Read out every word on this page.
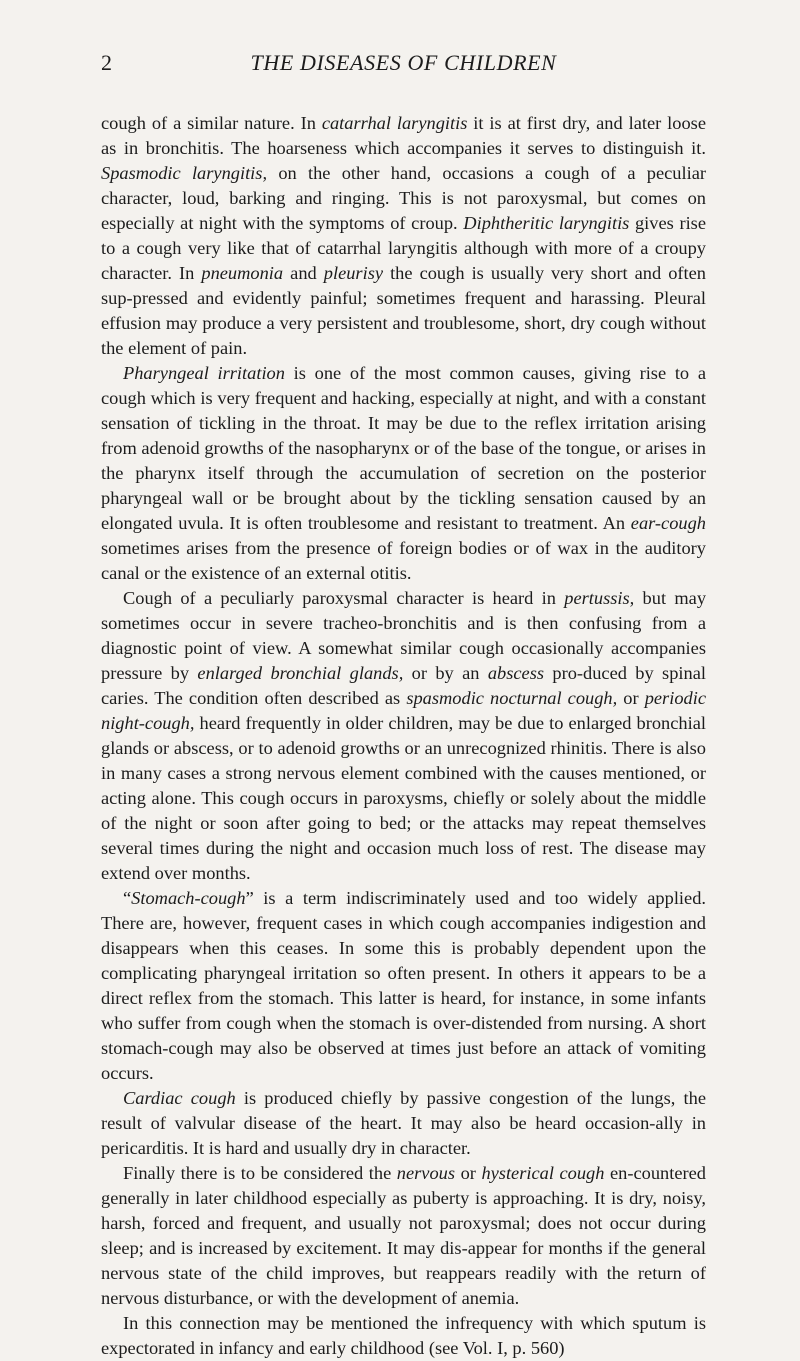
2	THE DISEASES OF CHILDREN

cough of a similar nature. In catarrhal laryngitis it is at first dry, and later loose as in bronchitis. The hoarseness which accompanies it serves to distinguish it. Spasmodic laryngitis, on the other hand, occasions a cough of a peculiar character, loud, barking and ringing. This is not paroxysmal, but comes on especially at night with the symptoms of croup. Diphtheritic laryngitis gives rise to a cough very like that of catarrhal laryngitis although with more of a croupy character. In pneumonia and pleurisy the cough is usually very short and often sup-pressed and evidently painful; sometimes frequent and harassing. Pleural effusion may produce a very persistent and troublesome, short, dry cough without the element of pain.

Pharyngeal irritation is one of the most common causes, giving rise to a cough which is very frequent and hacking, especially at night, and with a constant sensation of tickling in the throat. It may be due to the reflex irritation arising from adenoid growths of the nasopharynx or of the base of the tongue, or arises in the pharynx itself through the accumulation of secretion on the posterior pharyngeal wall or be brought about by the tickling sensation caused by an elongated uvula. It is often troublesome and resistant to treatment. An ear-cough sometimes arises from the presence of foreign bodies or of wax in the auditory canal or the existence of an external otitis.

Cough of a peculiarly paroxysmal character is heard in pertussis, but may sometimes occur in severe tracheo-bronchitis and is then confusing from a diagnostic point of view. A somewhat similar cough occasionally accompanies pressure by enlarged bronchial glands, or by an abscess pro-duced by spinal caries. The condition often described as spasmodic nocturnal cough, or periodic night-cough, heard frequently in older children, may be due to enlarged bronchial glands or abscess, or to adenoid growths or an unrecognized rhinitis. There is also in many cases a strong nervous element combined with the causes mentioned, or acting alone. This cough occurs in paroxysms, chiefly or solely about the middle of the night or soon after going to bed; or the attacks may repeat themselves several times during the night and occasion much loss of rest. The disease may extend over months.

“Stomach-cough” is a term indiscriminately used and too widely applied. There are, however, frequent cases in which cough accompanies indigestion and disappears when this ceases. In some this is probably dependent upon the complicating pharyngeal irritation so often present. In others it appears to be a direct reflex from the stomach. This latter is heard, for instance, in some infants who suffer from cough when the stomach is over-distended from nursing. A short stomach-cough may also be observed at times just before an attack of vomiting occurs.

Cardiac cough is produced chiefly by passive congestion of the lungs, the result of valvular disease of the heart. It may also be heard occasion-ally in pericarditis. It is hard and usually dry in character.

Finally there is to be considered the nervous or hysterical cough en-countered generally in later childhood especially as puberty is approaching. It is dry, noisy, harsh, forced and frequent, and usually not paroxysmal; does not occur during sleep; and is increased by excitement. It may dis-appear for months if the general nervous state of the child improves, but reappears readily with the return of nervous disturbance, or with the development of anemia.

In this connection may be mentioned the infrequency with which sputum is expectorated in infancy and early childhood (see Vol. I, p. 560)
